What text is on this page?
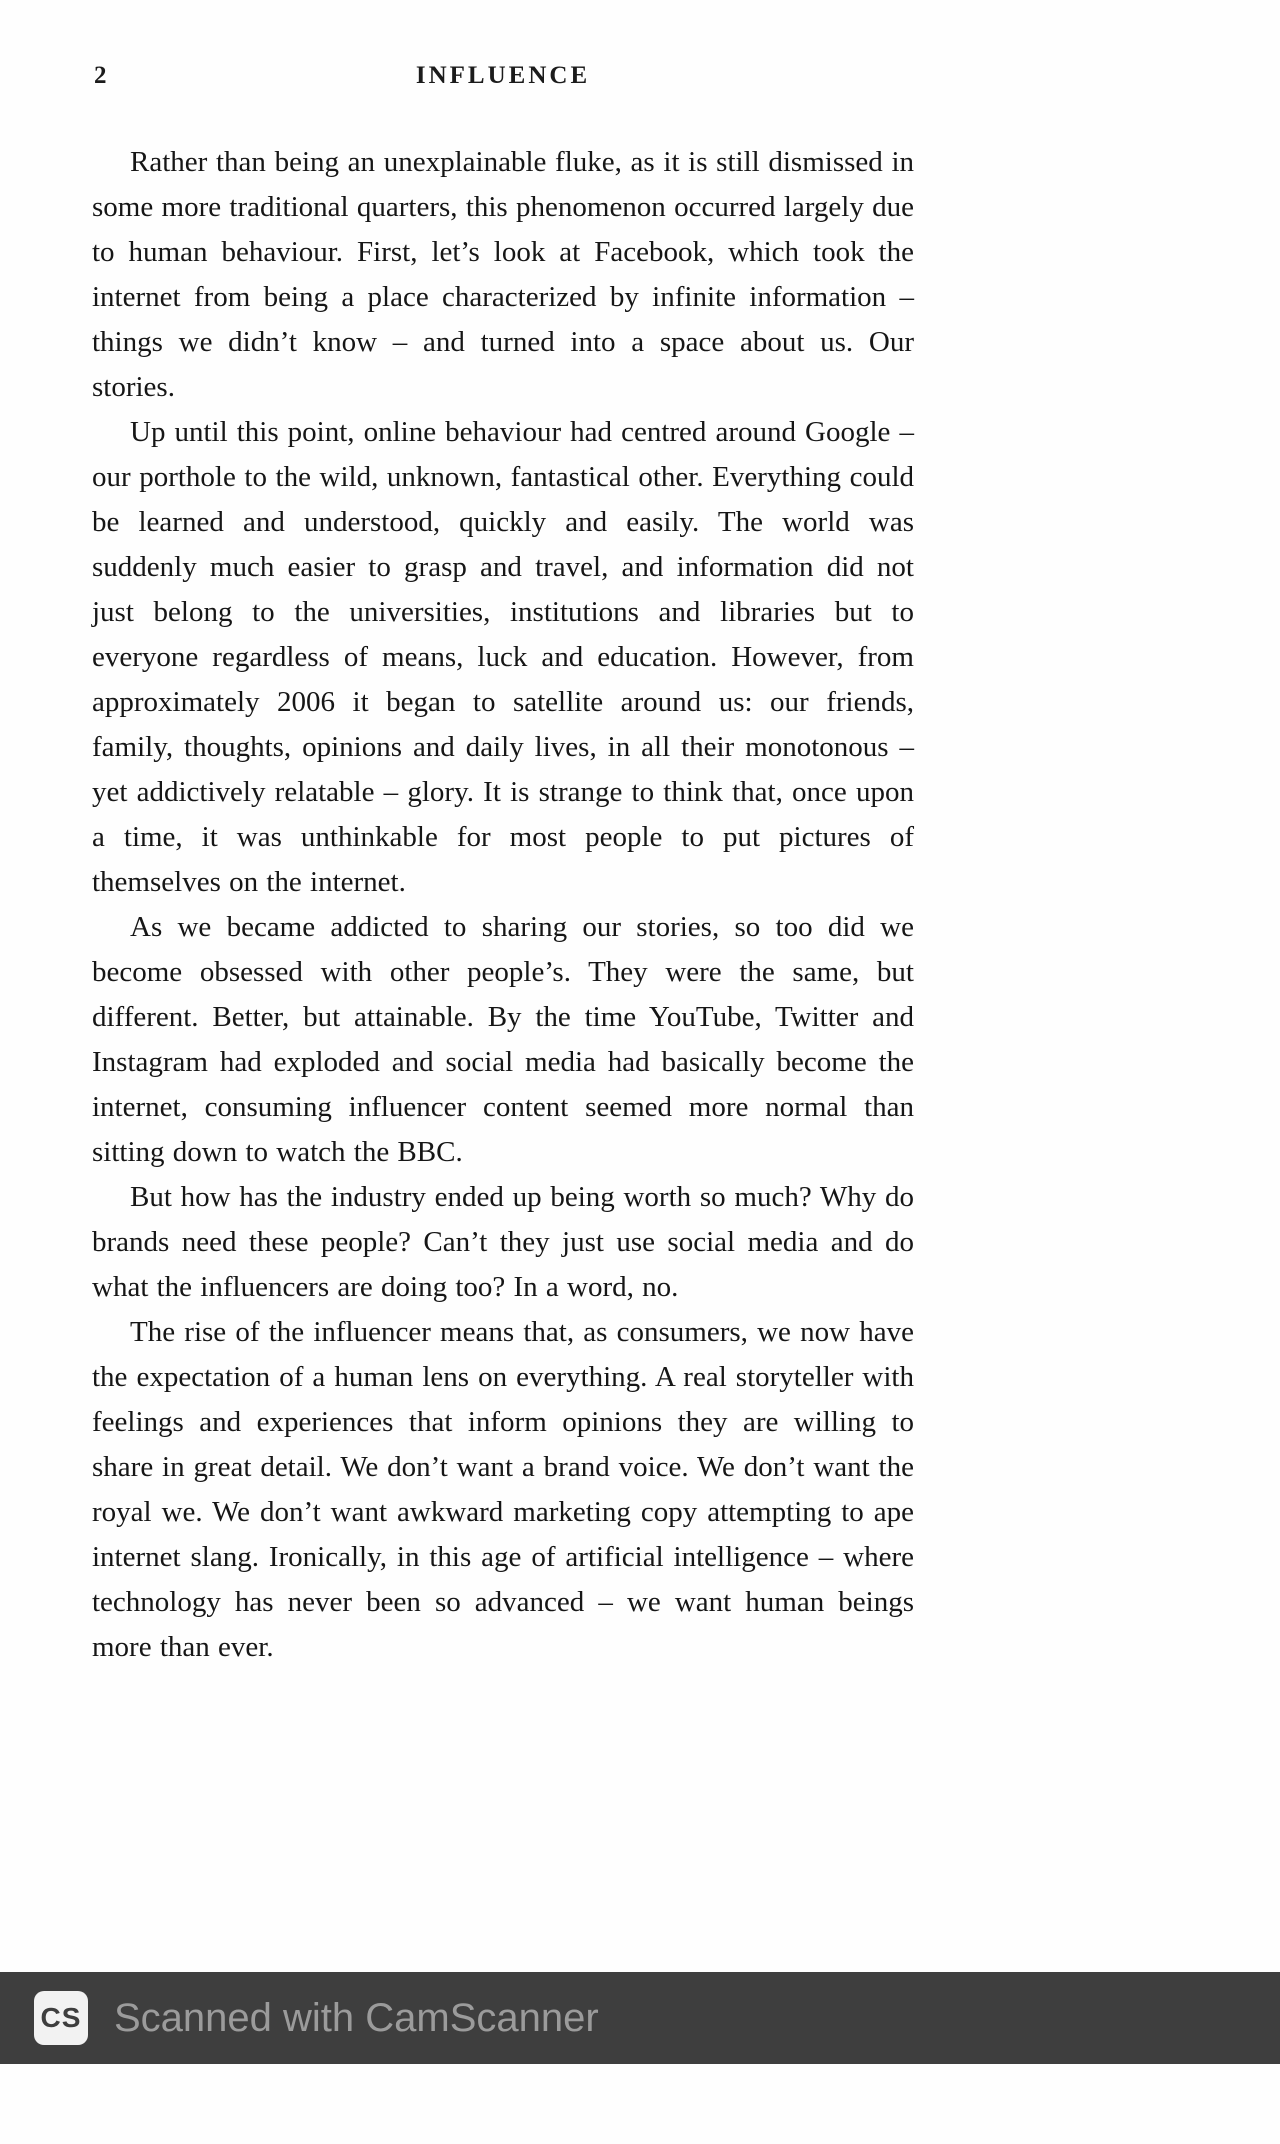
2	INFLUENCE

Rather than being an unexplainable fluke, as it is still dismissed in some more traditional quarters, this phenomenon occurred largely due to human behaviour. First, let’s look at Facebook, which took the internet from being a place characterized by infinite information – things we didn’t know – and turned into a space about us. Our stories.

Up until this point, online behaviour had centred around Google – our porthole to the wild, unknown, fantastical other. Everything could be learned and understood, quickly and easily. The world was suddenly much easier to grasp and travel, and information did not just belong to the universities, institutions and libraries but to everyone regardless of means, luck and education. However, from approximately 2006 it began to satellite around us: our friends, family, thoughts, opinions and daily lives, in all their monotonous – yet addictively relatable – glory. It is strange to think that, once upon a time, it was unthinkable for most people to put pictures of themselves on the internet.

As we became addicted to sharing our stories, so too did we become obsessed with other people’s. They were the same, but different. Better, but attainable. By the time YouTube, Twitter and Instagram had exploded and social media had basically become the internet, consuming influencer content seemed more normal than sitting down to watch the BBC.

But how has the industry ended up being worth so much? Why do brands need these people? Can’t they just use social media and do what the influencers are doing too? In a word, no.

The rise of the influencer means that, as consumers, we now have the expectation of a human lens on everything. A real storyteller with feelings and experiences that inform opinions they are willing to share in great detail. We don’t want a brand voice. We don’t want the royal we. We don’t want awkward marketing copy attempting to ape internet slang. Ironically, in this age of artificial intelligence – where technology has never been so advanced – we want human beings more than ever.

CS Scanned with CamScanner
